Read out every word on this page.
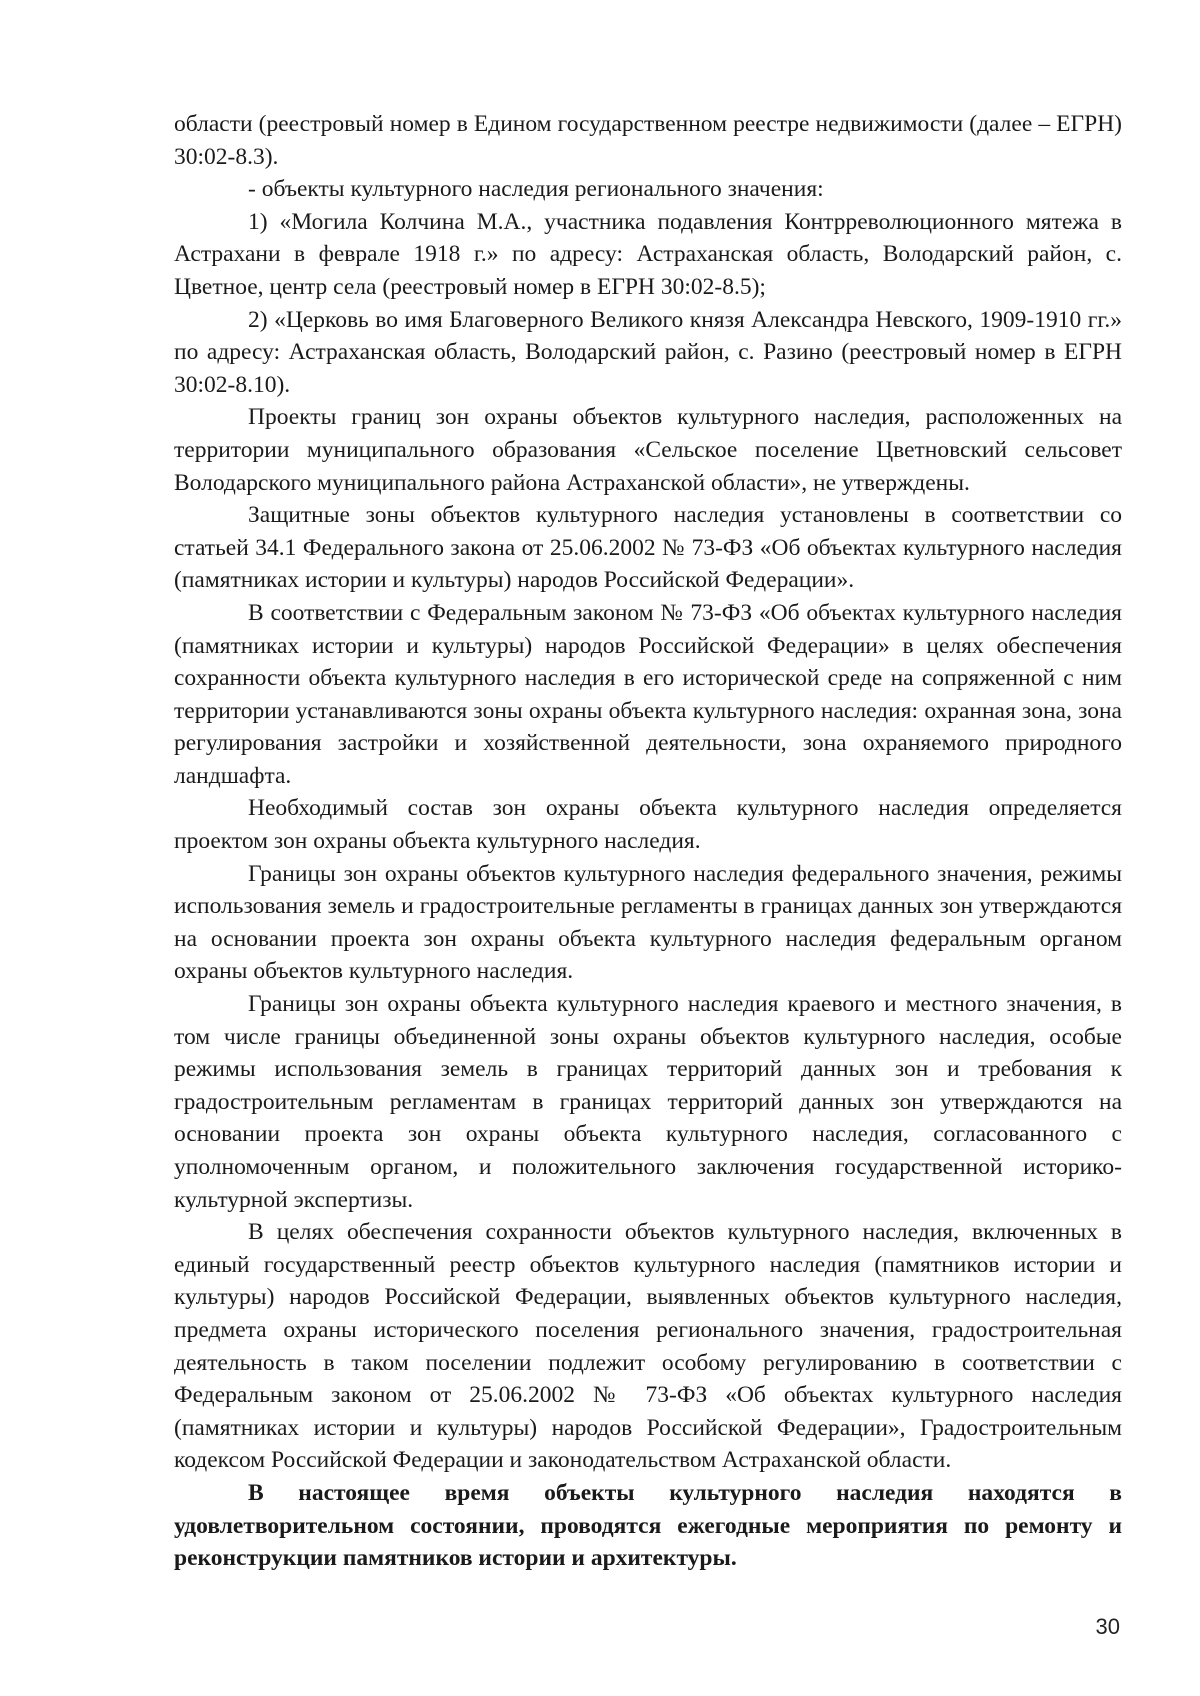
области (реестровый номер в Едином государственном реестре недвижимости (далее – ЕГРН) 30:02-8.3).

- объекты культурного наследия регионального значения:

1) «Могила Колчина М.А., участника подавления Контрреволюционного мятежа в Астрахани в феврале 1918 г.» по адресу: Астраханская область, Володарский район, с. Цветное, центр села (реестровый номер в ЕГРН 30:02-8.5);

2) «Церковь во имя Благоверного Великого князя Александра Невского, 1909-1910 гг.» по адресу: Астраханская область, Володарский район, с. Разино (реестровый номер в ЕГРН 30:02-8.10).

Проекты границ зон охраны объектов культурного наследия, расположенных на территории муниципального образования «Сельское поселение Цветновский сельсовет Володарского муниципального района Астраханской области», не утверждены.

Защитные зоны объектов культурного наследия установлены в соответствии со статьей 34.1 Федерального закона от 25.06.2002 № 73-ФЗ «Об объектах культурного наследия (памятниках истории и культуры) народов Российской Федерации».

В соответствии с Федеральным законом № 73-ФЗ «Об объектах культурного наследия (памятниках истории и культуры) народов Российской Федерации» в целях обеспечения сохранности объекта культурного наследия в его исторической среде на сопряженной с ним территории устанавливаются зоны охраны объекта культурного наследия: охранная зона, зона регулирования застройки и хозяйственной деятельности, зона охраняемого природного ландшафта.

Необходимый состав зон охраны объекта культурного наследия определяется проектом зон охраны объекта культурного наследия.

Границы зон охраны объектов культурного наследия федерального значения, режимы использования земель и градостроительные регламенты в границах данных зон утверждаются на основании проекта зон охраны объекта культурного наследия федеральным органом охраны объектов культурного наследия.

Границы зон охраны объекта культурного наследия краевого и местного значения, в том числе границы объединенной зоны охраны объектов культурного наследия, особые режимы использования земель в границах территорий данных зон и требования к градостроительным регламентам в границах территорий данных зон утверждаются на основании проекта зон охраны объекта культурного наследия, согласованного с уполномоченным органом, и положительного заключения государственной историко-культурной экспертизы.

В целях обеспечения сохранности объектов культурного наследия, включенных в единый государственный реестр объектов культурного наследия (памятников истории и культуры) народов Российской Федерации, выявленных объектов культурного наследия, предмета охраны исторического поселения регионального значения, градостроительная деятельность в таком поселении подлежит особому регулированию в соответствии с Федеральным законом от 25.06.2002 № 73-ФЗ «Об объектах культурного наследия (памятниках истории и культуры) народов Российской Федерации», Градостроительным кодексом Российской Федерации и законодательством Астраханской области.

В настоящее время объекты культурного наследия находятся в удовлетворительном состоянии, проводятся ежегодные мероприятия по ремонту и реконструкции памятников истории и архитектуры.

30
